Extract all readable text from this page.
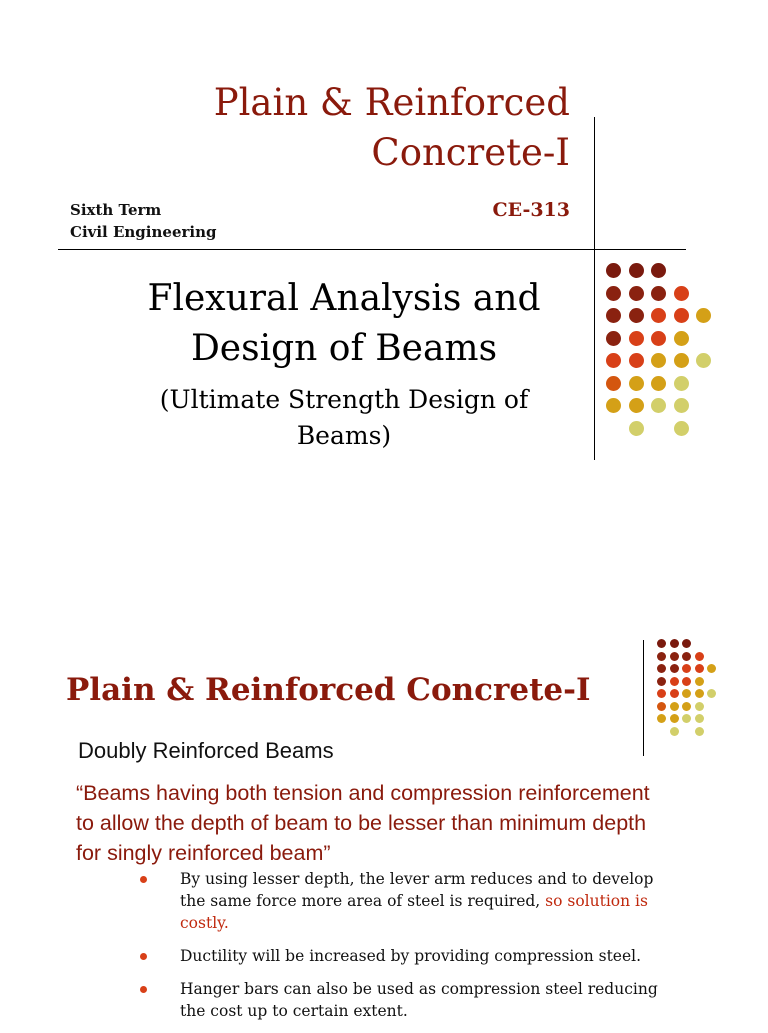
Plain & Reinforced
Concrete-I
Sixth Term
Civil Engineering
CE-313
Flexural Analysis and
Design of Beams
(Ultimate Strength Design of
Beams)
Plain & Reinforced Concrete-I
Doubly Reinforced Beams
“Beams having both tension and compression reinforcement
to allow the depth of beam to be lesser than minimum depth
for singly reinforced beam”
By using lesser depth, the lever arm reduces and to develop
the same force more area of steel is required, so solution is
costly.
Ductility will be increased by providing compression steel.
Hanger bars can also be used as compression steel reducing
the cost up to certain extent.
